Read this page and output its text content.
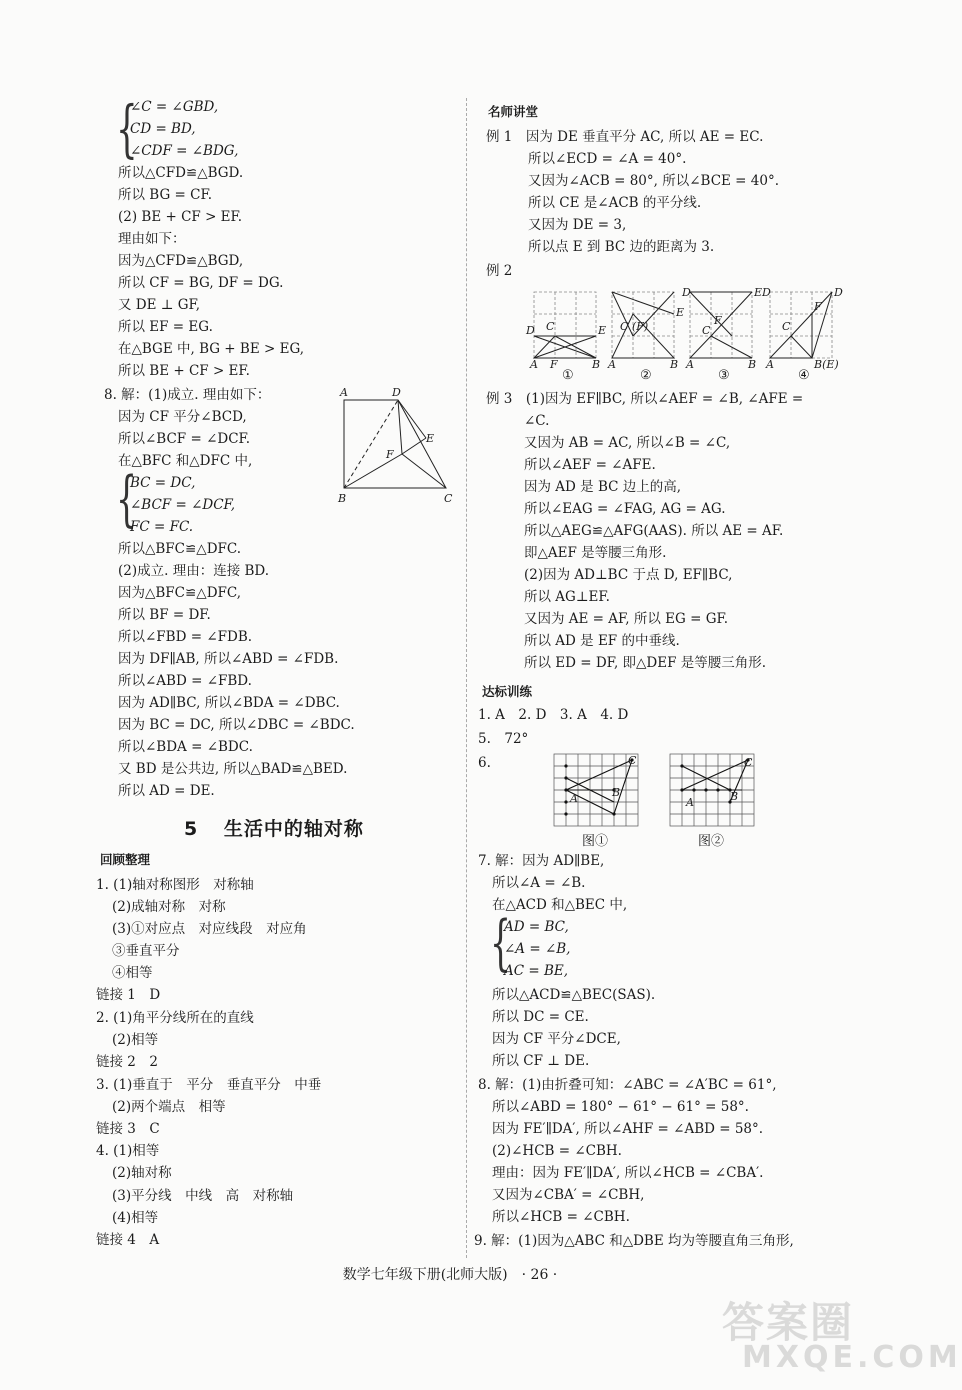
{
∠C = ∠GBD,
CD = BD,
∠CDF = ∠BDG,
所以△CFD≌△BGD.
所以 BG = CF.
(2) BE + CF > EF.
理由如下：
因为△CFD≌△BGD,
所以 CF = BG, DF = DG.
又 DE ⊥ GF,
所以 EF = EG.
在△BGE 中, BG + BE > EG,
所以 BE + CF > EF.
8. 解：(1)成立. 理由如下：
因为 CF 平分∠BCD,
所以∠BCF = ∠DCF.
在△BFC 和△DFC 中,
{
BC = DC,
∠BCF = ∠DCF,
FC = FC.
所以△BFC≌△DFC.
(2)成立. 理由：连接 BD.
因为△BFC≌△DFC,
所以 BF = DF.
所以∠FBD = ∠FDB.
因为 DF∥AB, 所以∠ABD = ∠FDB.
所以∠ABD = ∠FBD.
因为 AD∥BC, 所以∠BDA = ∠DBC.
因为 BC = DC, 所以∠DBC = ∠BDC.
所以∠BDA = ∠BDC.
又 BD 是公共边, 所以△BAD≌△BED.
所以 AD = DE.
A	D
E
F
B	C
5 生活中的轴对称
回顾整理
1. (1)轴对称图形　对称轴
(2)成轴对称　对称
(3)①对应点　对应线段　对应角
③垂直平分
④相等
链接 1　D
2. (1)角平分线所在的直线
(2)相等
链接 2　2
3. (1)垂直于　平分　垂直平分　中垂
(2)两个端点　相等
链接 3　C
4. (1)相等
(2)轴对称
(3)平分线　中线　高　对称轴
(4)相等
链接 4　A
名师讲堂
例 1　因为 DE 垂直平分 AC, 所以 AE = EC.
所以∠ECD = ∠A = 40°.
又因为∠ACB = 80°, 所以∠BCE = 40°.
所以 CE 是∠ACB 的平分线.
又因为 DE = 3,
所以点 E 到 BC 边的距离为 3.
例 2
D C	E
A F	B
C (F)
E
A	B
D	E
F
C
A	B
D	D
F
C
A	B(E)
①	②	③	④
例 3　(1)因为 EF∥BC, 所以∠AEF = ∠B, ∠AFE =
∠C.
又因为 AB = AC, 所以∠B = ∠C,
所以∠AEF = ∠AFE.
因为 AD 是 BC 边上的高,
所以∠EAG = ∠FAG, AG = AG.
所以△AEG≌△AFG(AAS). 所以 AE = AF.
即△AEF 是等腰三角形.
(2)因为 AD⊥BC 于点 D, EF∥BC,
所以 AG⊥EF.
又因为 AE = AF, 所以 EG = GF.
所以 AD 是 EF 的中垂线.
所以 ED = DF, 即△DEF 是等腰三角形.
达标训练
1. A　2. D　3. A　4. D
5.　72°
6.
A
C
B
A
C
B
图①	图②
7. 解：因为 AD∥BE,
所以∠A = ∠B.
在△ACD 和△BEC 中,
{
AD = BC,
∠A = ∠B,
AC = BE,
所以△ACD≌△BEC(SAS).
所以 DC = CE.
因为 CF 平分∠DCE,
所以 CF ⊥ DE.
8. 解：(1)由折叠可知：∠ABC = ∠A′BC = 61°,
所以∠ABD = 180° − 61° − 61° = 58°.
因为 FE′∥DA′, 所以∠AHF = ∠ABD = 58°.
(2)∠HCB = ∠CBH.
理由：因为 FE′∥DA′, 所以∠HCB = ∠CBA′.
又因为∠CBA′ = ∠CBH,
所以∠HCB = ∠CBH.
9. 解：(1)因为△ABC 和△DBE 均为等腰直角三角形,
数学七年级下册(北师大版)　· 26 ·
答案圈
MXQE.COM
